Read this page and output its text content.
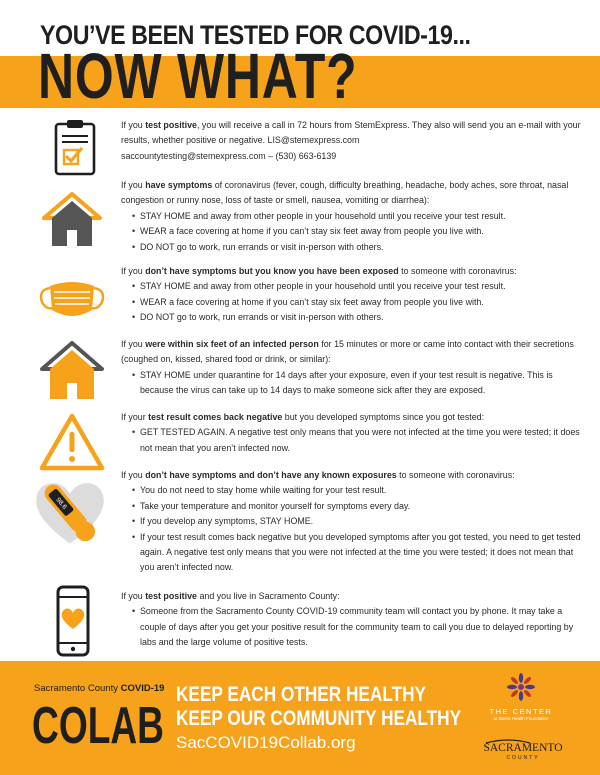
YOU’VE BEEN TESTED FOR COVID-19...
NOW WHAT?
If you test positive, you will receive a call in 72 hours from StemExpress. They also will send you an e-mail with your results, whether positive or negative. LIS@stemexpress.com
saccountytesting@stemexpress.com – (530) 663-6139
If you have symptoms of coronavirus (fever, cough, difficulty breathing, headache, body aches, sore throat, nasal congestion or runny nose, loss of taste or smell, nausea, vomiting or diarrhea):
• STAY HOME and away from other people in your household until you receive your test result.
• WEAR a face covering at home if you can’t stay six feet away from people you live with.
• DO NOT go to work, run errands or visit in-person with others.
If you don’t have symptoms but you know you have been exposed to someone with coronavirus:
• STAY HOME and away from other people in your household until you receive your test result.
• WEAR a face covering at home if you can’t stay six feet away from people you live with.
• DO NOT go to work, run errands or visit in-person with others.
If you were within six feet of an infected person for 15 minutes or more or came into contact with their secretions (coughed on, kissed, shared food or drink, or similar):
• STAY HOME under quarantine for 14 days after your exposure, even if your test result is negative. This is because the virus can take up to 14 days to make someone sick after they are exposed.
If your test result comes back negative but you developed symptoms since you got tested:
• GET TESTED AGAIN. A negative test only means that you were not infected at the time you were tested; it does not mean that you aren’t infected now.
98.6
If you don’t have symptoms and don’t have any known exposures to someone with coronavirus:
• You do not need to stay home while waiting for your test result.
• Take your temperature and monitor yourself for symptoms every day.
• If you develop any symptoms, STAY HOME.
• If your test result comes back negative but you developed symptoms after you got tested, you need to get tested again. A negative test only means that you were not infected at the time you were tested; it does not mean that you aren’t infected now.
If you test positive and you live in Sacramento County:
• Someone from the Sacramento County COVID-19 community team will contact you by phone. It may take a couple of days after you get your positive result for the community team to call you due to delayed reporting by labs and the large volume of positive tests.
Sacramento County COVID-19
COLAB
KEEP EACH OTHER HEALTHY
KEEP OUR COMMUNITY HEALTHY
SacCOVID19Collab.org
THE CENTER
at Sierra Health Foundation
SACRAMENTO
COUNTY
